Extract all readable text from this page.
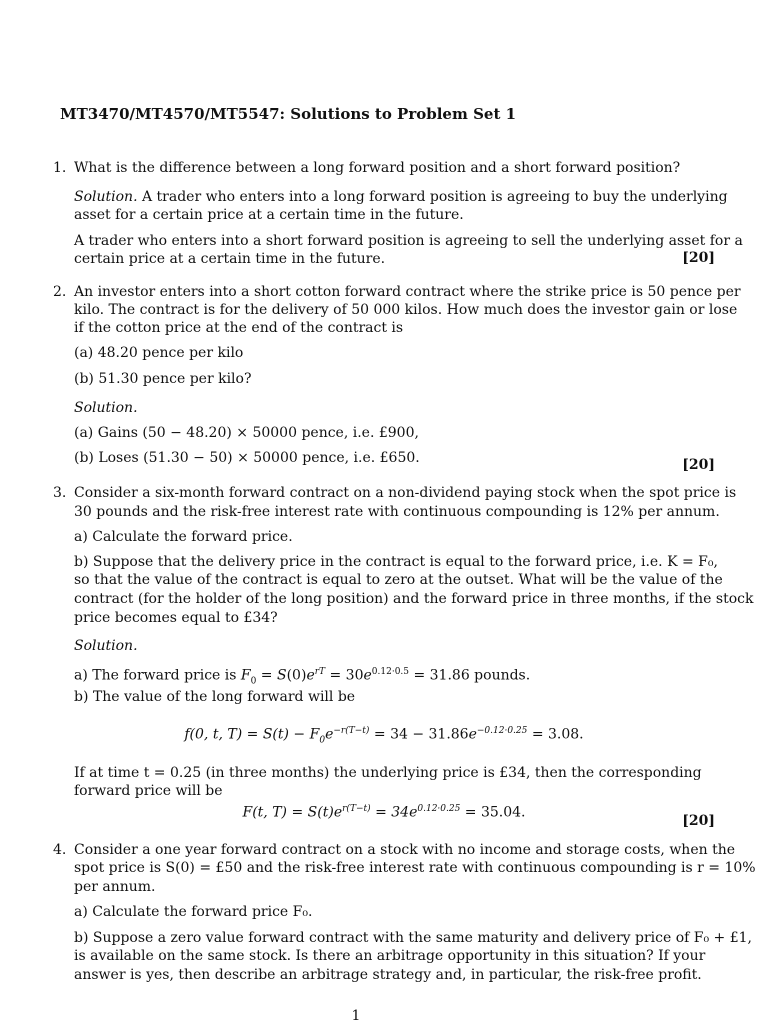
MT3470/MT4570/MT5547: Solutions to Problem Set 1
1. What is the difference between a long forward position and a short forward position?
Solution. A trader who enters into a long forward position is agreeing to buy the underlying
asset for a certain price at a certain time in the future.
A trader who enters into a short forward position is agreeing to sell the underlying asset for a
certain price at a certain time in the future.	[20]
2. An investor enters into a short cotton forward contract where the strike price is 50 pence per
kilo. The contract is for the delivery of 50 000 kilos. How much does the investor gain or lose
if the cotton price at the end of the contract is
(a) 48.20 pence per kilo
(b) 51.30 pence per kilo?
Solution.
(a) Gains (50 − 48.20) × 50000 pence, i.e. £900,
(b) Loses (51.30 − 50) × 50000 pence, i.e. £650.	[20]
3. Consider a six-month forward contract on a non-dividend paying stock when the spot price is
30 pounds and the risk-free interest rate with continuous compounding is 12% per annum.
a) Calculate the forward price.
b) Suppose that the delivery price in the contract is equal to the forward price, i.e. K = F₀,
so that the value of the contract is equal to zero at the outset. What will be the value of the
contract (for the holder of the long position) and the forward price in three months, if the stock
price becomes equal to £34?
Solution.
a) The forward price is $F_0 = S(0)e^{rT} = 30e^{0.12\cdot 0.5} = 31.86$ pounds.
b) The value of the long forward will be
f(0, t, $T) = S(t) - F_0e^{-r(T-t)} = 34 - 31.86e^{-0.12\cdot 0.25} = 3.08$.
If at time t = 0.25 (in three months) the underlying price is £34, then the corresponding
forward price will be
F(t, $T) = S(t)e^{r(T-t)} = 34e^{0.12\cdot 0.25} = 35.04$.
[20]
4. Consider a one year forward contract on a stock with no income and storage costs, when the
spot price is S(0) = £50 and the risk-free interest rate with continuous compounding is r = 10%
per annum.
a) Calculate the forward price F₀.
b) Suppose a zero value forward contract with the same maturity and delivery price of F₀ + £1,
is available on the same stock. Is there an arbitrage opportunity in this situation? If your
answer is yes, then describe an arbitrage strategy and, in particular, the risk-free profit.
1
